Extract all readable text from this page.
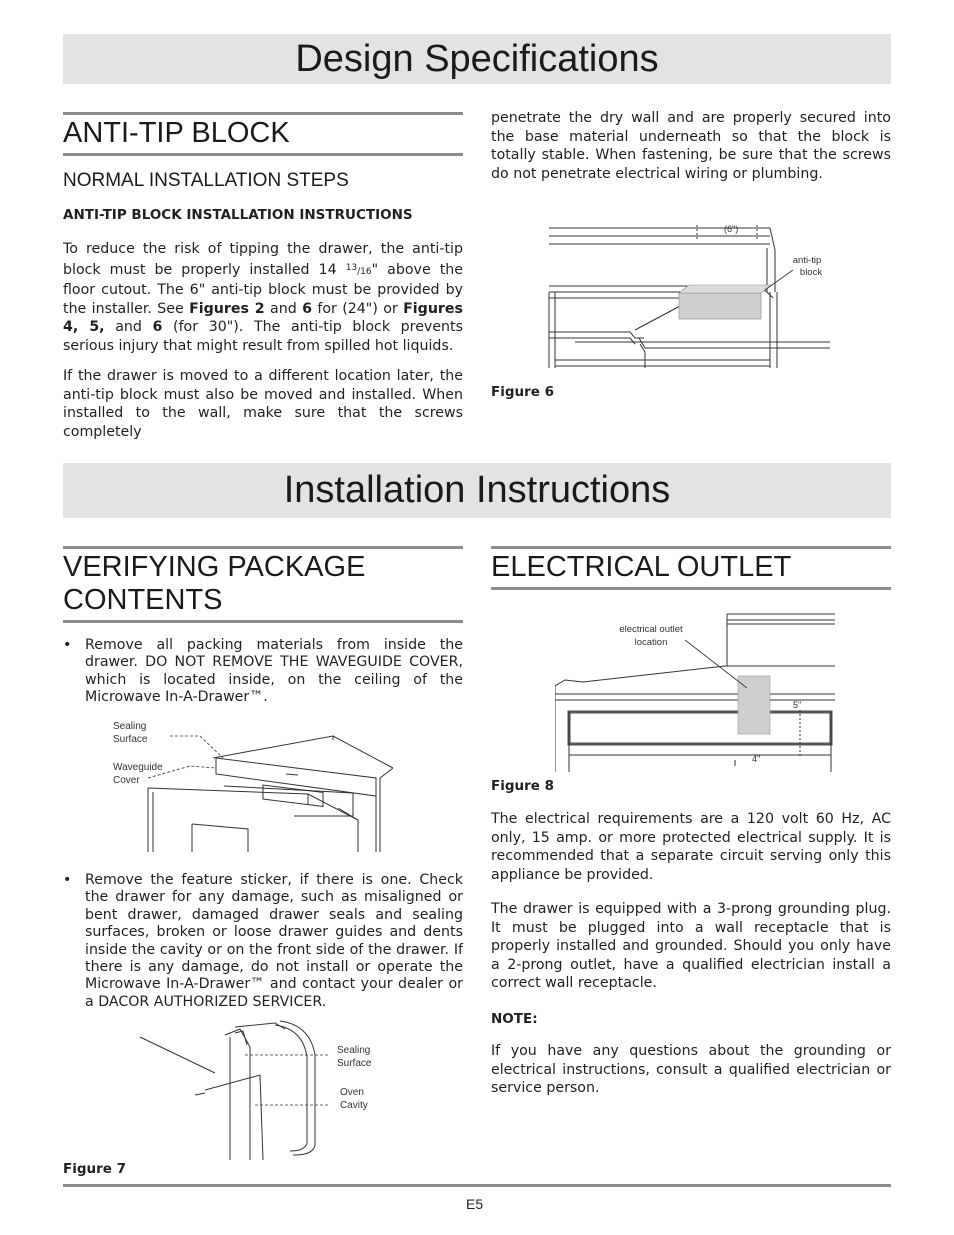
Design Specifications
ANTI-TIP BLOCK
NORMAL INSTALLATION STEPS
ANTI-TIP BLOCK INSTALLATION INSTRUCTIONS

To reduce the risk of tipping the drawer, the anti-tip block must be properly installed 14 $^{13}$/16" above the floor cutout. The 6" anti-tip block must be provided by the installer. See Figures 2 and 6 for (24") or Figures 4, 5, and 6 (for 30"). The anti-tip block prevents serious injury that might result from spilled hot liquids.

If the drawer is moved to a different location later, the anti-tip block must also be moved and installed. When installed to the wall, make sure that the screws completely

penetrate the dry wall and are properly secured into the base material underneath so that the block is totally stable. When fastening, be sure that the screws do not penetrate electrical wiring or plumbing.

(6")
anti-tip
block
Figure 6
Installation Instructions
VERIFYING PACKAGE
CONTENTS
• Remove all packing materials from inside the drawer. DO NOT REMOVE THE WAVEGUIDE COVER, which is located inside, on the ceiling of the Microwave In-A-Drawer™.
Sealing
Surface
Waveguide
Cover
• Remove the feature sticker, if there is one. Check the drawer for any damage, such as misaligned or bent drawer, damaged drawer seals and sealing surfaces, broken or loose drawer guides and dents inside the cavity or on the front side of the drawer. If there is any damage, do not install or operate the Microwave In-A-Drawer™ and contact your dealer or a DACOR AUTHORIZED SERVICER.
Sealing
Surface
Oven
Cavity
Figure 7
ELECTRICAL OUTLET
electrical outlet
location
5"
4"
Figure 8

The electrical requirements are a 120 volt 60 Hz, AC only, 15 amp. or more protected electrical supply. It is recommended that a separate circuit serving only this appliance be provided.

The drawer is equipped with a 3-prong grounding plug. It must be plugged into a wall receptacle that is properly installed and grounded. Should you only have a 2-prong outlet, have a qualified electrician install a correct wall receptacle.

NOTE:

If you have any questions about the grounding or electrical instructions, consult a qualified electrician or service person.

E5
